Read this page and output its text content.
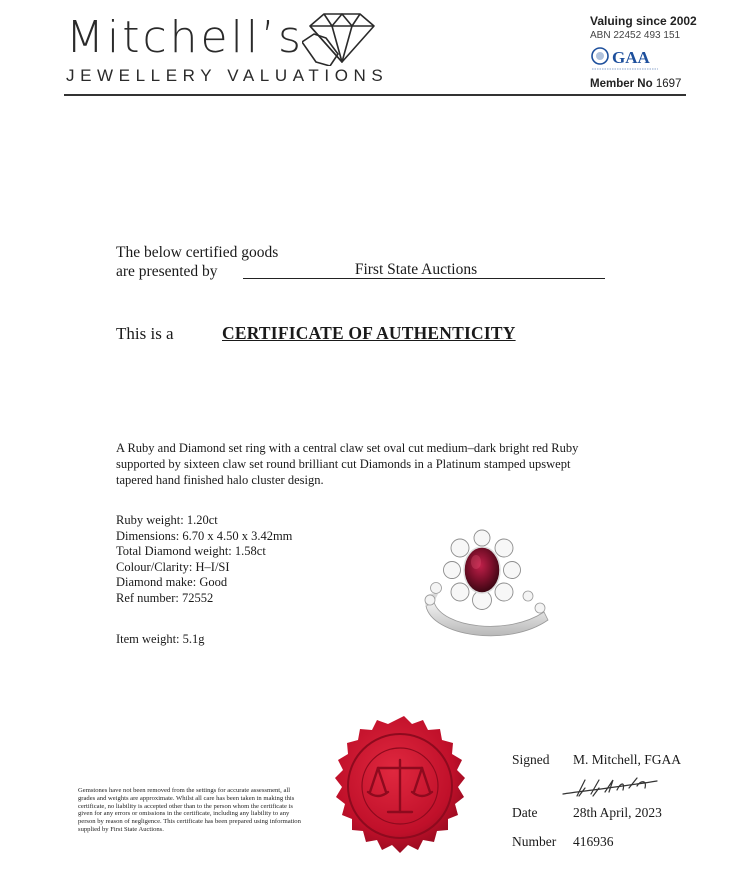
Mitchell’s
JEWELLERY VALUATIONS
Valuing since 2002
ABN 22452 493 151
GAA
Member No 1697
The below certified goods
are presented by	First State Auctions
This is a	CERTIFICATE OF AUTHENTICITY
A Ruby and Diamond set ring with a central claw set oval cut medium–dark bright red Ruby supported by sixteen claw set round brilliant cut Diamonds in a Platinum stamped upswept tapered hand finished halo cluster design.
Ruby weight: 1.20ct
Dimensions: 6.70 x 4.50 x 3.42mm
Total Diamond weight: 1.58ct
Colour/Clarity: H–I/SI
Diamond make: Good
Ref number: 72552
Item weight: 5.1g
Gemstones have not been removed from the settings for accurate assessment, all grades and weights are approximate. Whilst all care has been taken in making this certificate, no liability is accepted other than to the person whom the certificate is given for any errors or omissions in the certificate, including any liability to any person by reason of negligence. This certificate has been prepared using information supplied by First State Auctions.
Signed M. Mitchell, FGAA
Date	28th April, 2023
Number 416936
